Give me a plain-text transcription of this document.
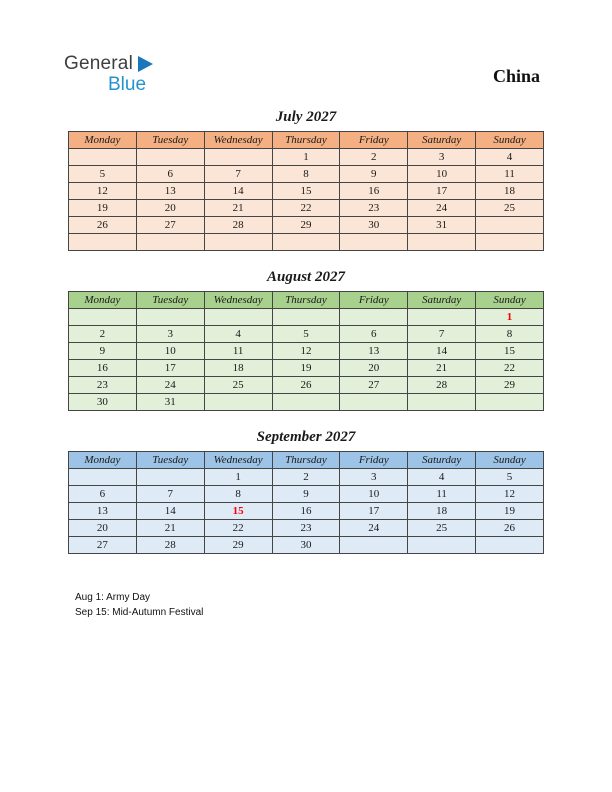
General
Blue	China
July 2027
Monday	Tuesday	Wednesday	Thursday	Friday	Saturday	Sunday
			1	2	3	4
5	6	7	8	9	10	11
12	13	14	15	16	17	18
19	20	21	22	23	24	25
26	27	28	29	30	31	

August 2027
Monday	Tuesday	Wednesday	Thursday	Friday	Saturday	Sunday
						1
2	3	4	5	6	7	8
9	10	11	12	13	14	15
16	17	18	19	20	21	22
23	24	25	26	27	28	29
30	31					
September 2027
Monday	Tuesday	Wednesday	Thursday	Friday	Saturday	Sunday
		1	2	3	4	5
6	7	8	9	10	11	12
13	14	15	16	17	18	19
20	21	22	23	24	25	26
27	28	29	30			
Aug 1: Army Day
Sep 15: Mid-Autumn Festival
